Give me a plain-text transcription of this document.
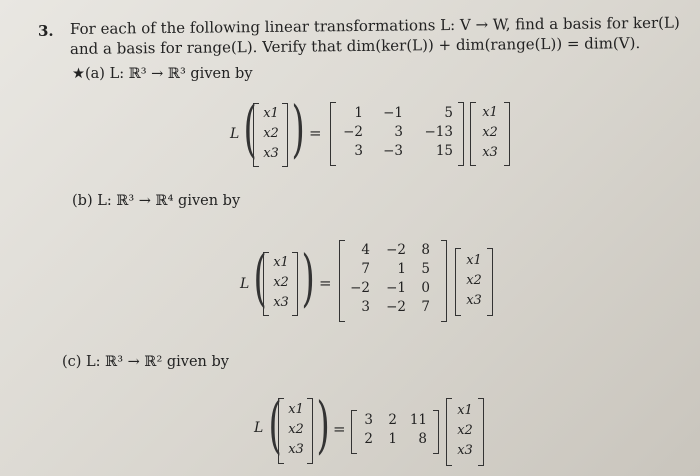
3. For each of the following linear transformations L: V → W, find a basis for ker(L)
and a basis for range(L). Verify that dim(ker(L)) + dim(range(L)) = dim(V).
★(a) L: ℝ³ → ℝ³ given by
L ( x1
x2
x3 ) =
1	−1	5
−2	3	−13
3	−3	15
x1
x2
x3
(b) L: ℝ³ → ℝ⁴ given by
L ( x1
x2
x3 ) =
4	−2	8
7	1	5
−2	−1	0
3	−2	7
x1
x2
x3
(c) L: ℝ³ → ℝ² given by
L ( x1
x2
x3 ) = 3	2	11
2	1	8
x1
x2
x3
